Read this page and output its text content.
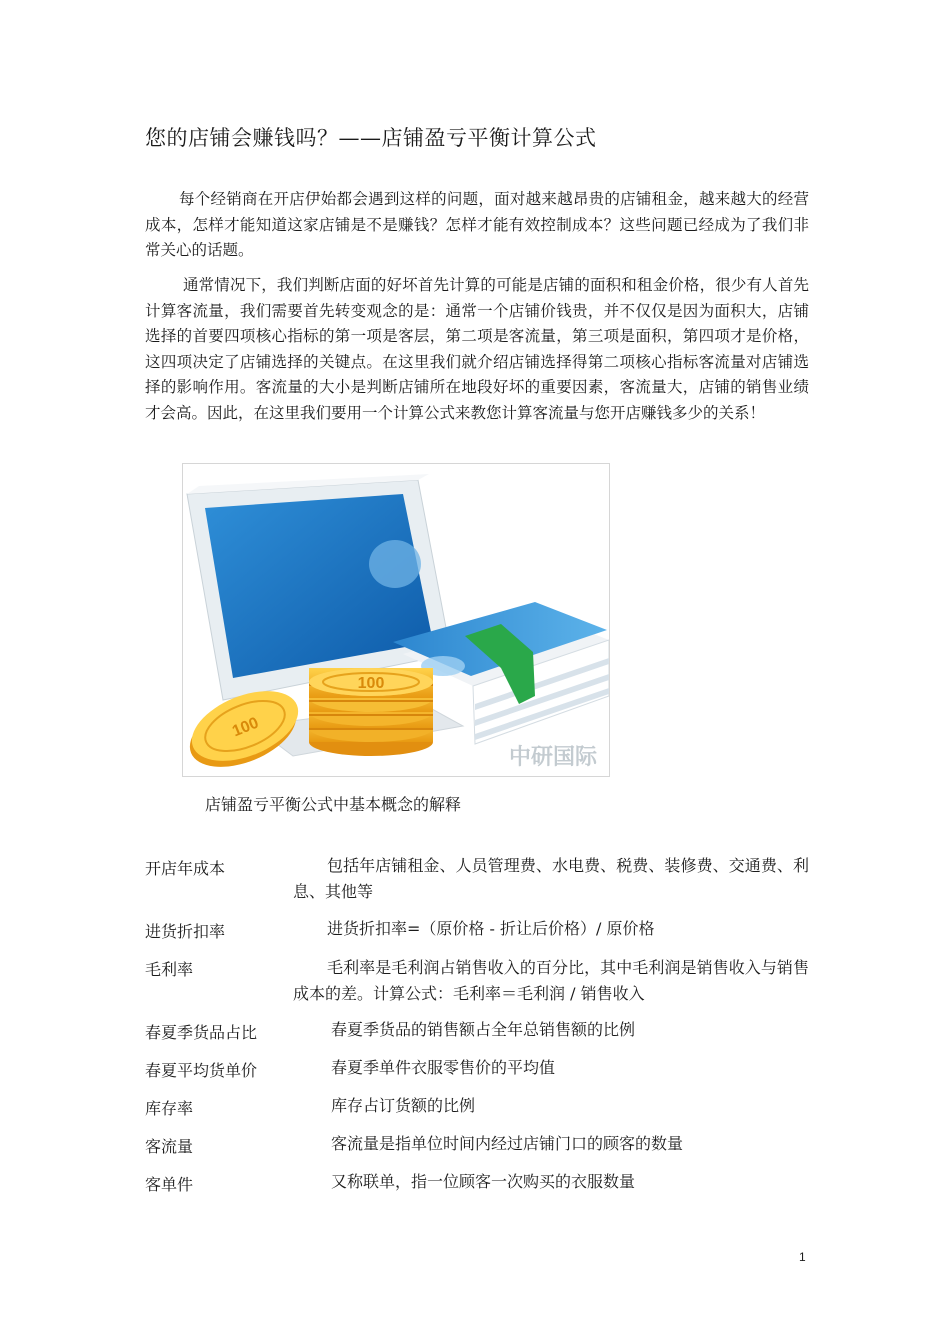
您的店铺会赚钱吗？——店铺盈亏平衡计算公式
每个经销商在开店伊始都会遇到这样的问题，面对越来越昂贵的店铺租金，越来越大的经营成本，怎样才能知道这家店铺是不是赚钱？怎样才能有效控制成本？这些问题已经成为了我们非常关心的话题。
通常情况下，我们判断店面的好坏首先计算的可能是店铺的面积和租金价格，很少有人首先计算客流量，我们需要首先转变观念的是：通常一个店铺价钱贵，并不仅仅是因为面积大，店铺选择的首要四项核心指标的第一项是客层，第二项是客流量，第三项是面积，第四项才是价格，这四项决定了店铺选择的关键点。在这里我们就介绍店铺选择得第二项核心指标客流量对店铺选择的影响作用。客流量的大小是判断店铺所在地段好坏的重要因素，客流量大，店铺的销售业绩才会高。因此，在这里我们要用一个计算公式来教您计算客流量与您开店赚钱多少的关系！
100
100
中研国际
店铺盈亏平衡公式中基本概念的解释
开店年成本	包括年店铺租金、人员管理费、水电费、税费、装修费、交通费、利息、其他等
进货折扣率	进货折扣率=（原价格 - 折让后价格）/ 原价格
毛利率	毛利率是毛利润占销售收入的百分比，其中毛利润是销售收入与销售成本的差。计算公式：毛利率＝毛利润 / 销售收入
春夏季货品占比	春夏季货品的销售额占全年总销售额的比例
春夏平均货单价	春夏季单件衣服零售价的平均值
库存率	库存占订货额的比例
客流量	客流量是指单位时间内经过店铺门口的顾客的数量
客单件	又称联单，指一位顾客一次购买的衣服数量
1
